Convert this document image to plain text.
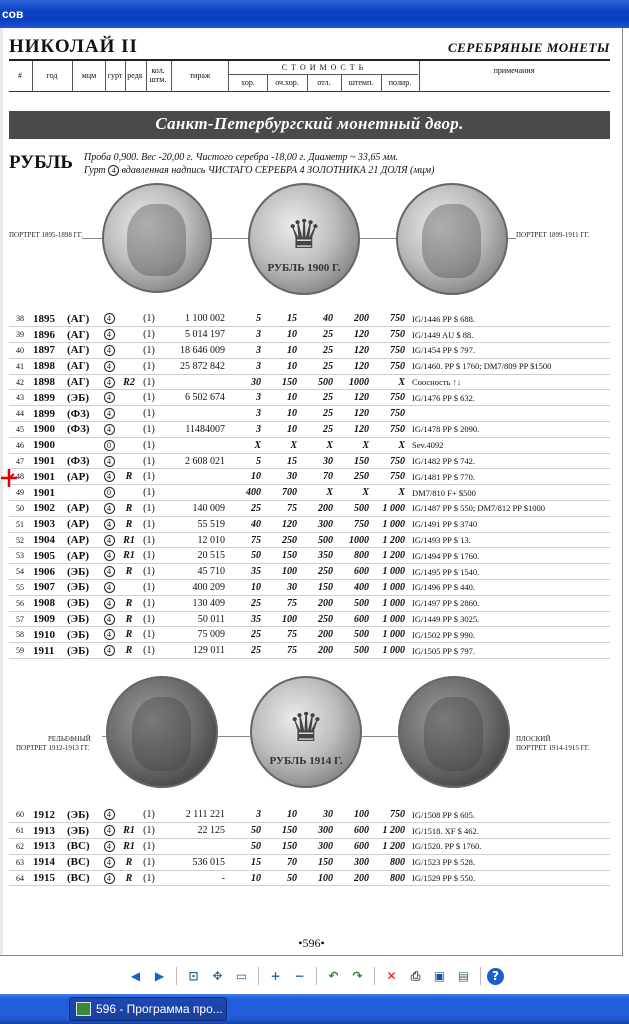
сов
НИКОЛАЙ II	СЕРЕБРЯНЫЕ МОНЕТЫ
#	год	мцм	гурт редк
кол. штм.	тираж
С Т О И М О С Т Ь
хор.	оч.хор.	отл.	штемп.	полир.
примечания
Санкт-Петербургский монетный двор.
РУБЛЬ Проба 0,900. Вес -20,00 г. Чистого серебра -18,00 г. Диаметр ~ 33,65 мм.
Гурт 4 вдавленная надпись ЧИСТАГО СЕРЕБРА 4 ЗОЛОТНИКА 21 ДОЛЯ (мцм)
ПОРТРЕТ 1895-1898 ГГ.	♛
РУБЛЬ 1900 Г.
ПОРТРЕТ 1899-1911 ГГ.
38	1895	(АГ)	4		(1)	1 100 002	5	15	40	200	750	IG/1446 PP $ 688.
39	1896	(АГ)	4		(1)	5 014 197	3	10	25	120	750	IG/1449 AU $ 88.
40	1897	(АГ)	4		(1)	18 646 009	3	10	25	120	750	IG/1454 PP $ 797.
41	1898	(АГ)	4		(1)	25 872 842	3	10	25	120	750	IG/1460. PP $ 1760; DM7/809 PP $1500
42	1898	(АГ)	4	R2	(1)		30	150	500	1000	X	Соосность ↑↓
43	1899	(ЭБ)	4		(1)	6 502 674	3	10	25	120	750	IG/1476 PP $ 632.
44	1899	(ФЗ)	4		(1)		3	10	25	120	750	
45	1900	(ФЗ)	4		(1)	11484007	3	10	25	120	750	IG/1478 PP $ 2090.
46	1900		0		(1)		X	X	X	X	X	Sev.4092
47	1901	(ФЗ)	4		(1)	2 608 021	5	15	30	150	750	IG/1482 PP $ 742.
48	1901	(АР)	4	R	(1)		10	30	70	250	750	IG/1481 PP $ 770.
49	1901		0		(1)		400	700	X	X	X	DM7/810 F+ $500
50	1902	(АР)	4	R	(1)	140 009	25	75	200	500	1 000	IG/1487 PP $ 550; DM7/812 PP $1000
51	1903	(АР)	4	R	(1)	55 519	40	120	300	750	1 000	IG/1491 PP $ 3740
52	1904	(АР)	4	R1	(1)	12 010	75	250	500	1000	1 200	IG/1493 PP $ 13.
53	1905	(АР)	4	R1	(1)	20 515	50	150	350	800	1 200	IG/1494 PP $ 1760.
54	1906	(ЭБ)	4	R	(1)	45 710	35	100	250	600	1 000	IG/1495 PP $ 1540.
55	1907	(ЭБ)	4		(1)	400 209	10	30	150	400	1 000	IG/1496 PP $ 440.
56	1908	(ЭБ)	4	R	(1)	130 409	25	75	200	500	1 000	IG/1497 PP $ 2860.
57	1909	(ЭБ)	4	R	(1)	50 011	35	100	250	600	1 000	IG/1449 PP $ 3025.
58	1910	(ЭБ)	4	R	(1)	75 009	25	75	200	500	1 000	IG/1502 PP $ 990.
59	1911	(ЭБ)	4	R	(1)	129 011	25	75	200	500	1 000	IG/1505 PP $ 797.
РЕЛЬЕФНЫЙ
ПОРТРЕТ 1912-1913 ГГ.	♛
РУБЛЬ 1914 Г.
ПЛОСКИЙ
ПОРТРЕТ 1914-1915 ГГ.
60	1912	(ЭБ)	4		(1)	2 111 221	3	10	30	100	750	IG/1508 PP $ 605.
61	1913	(ЭБ)	4	R1	(1)	22 125	50	150	300	600	1 200	IG/1518. XF $ 462.
62	1913	(ВС)	4	R1	(1)		50	150	300	600	1 200	IG/1520. PP $ 1760.
63	1914	(ВС)	4	R	(1)	536 015	15	70	150	300	800	IG/1523 PP $ 528.
64	1915	(ВС)	4	R	(1)	-	10	50	100	200	800	IG/1529 PP $ 550.
•596•
◀	▶	⊡	✥	▭	+	−	↶	↷	✕	⎙	▣	▤	?
596 - Программа про...
